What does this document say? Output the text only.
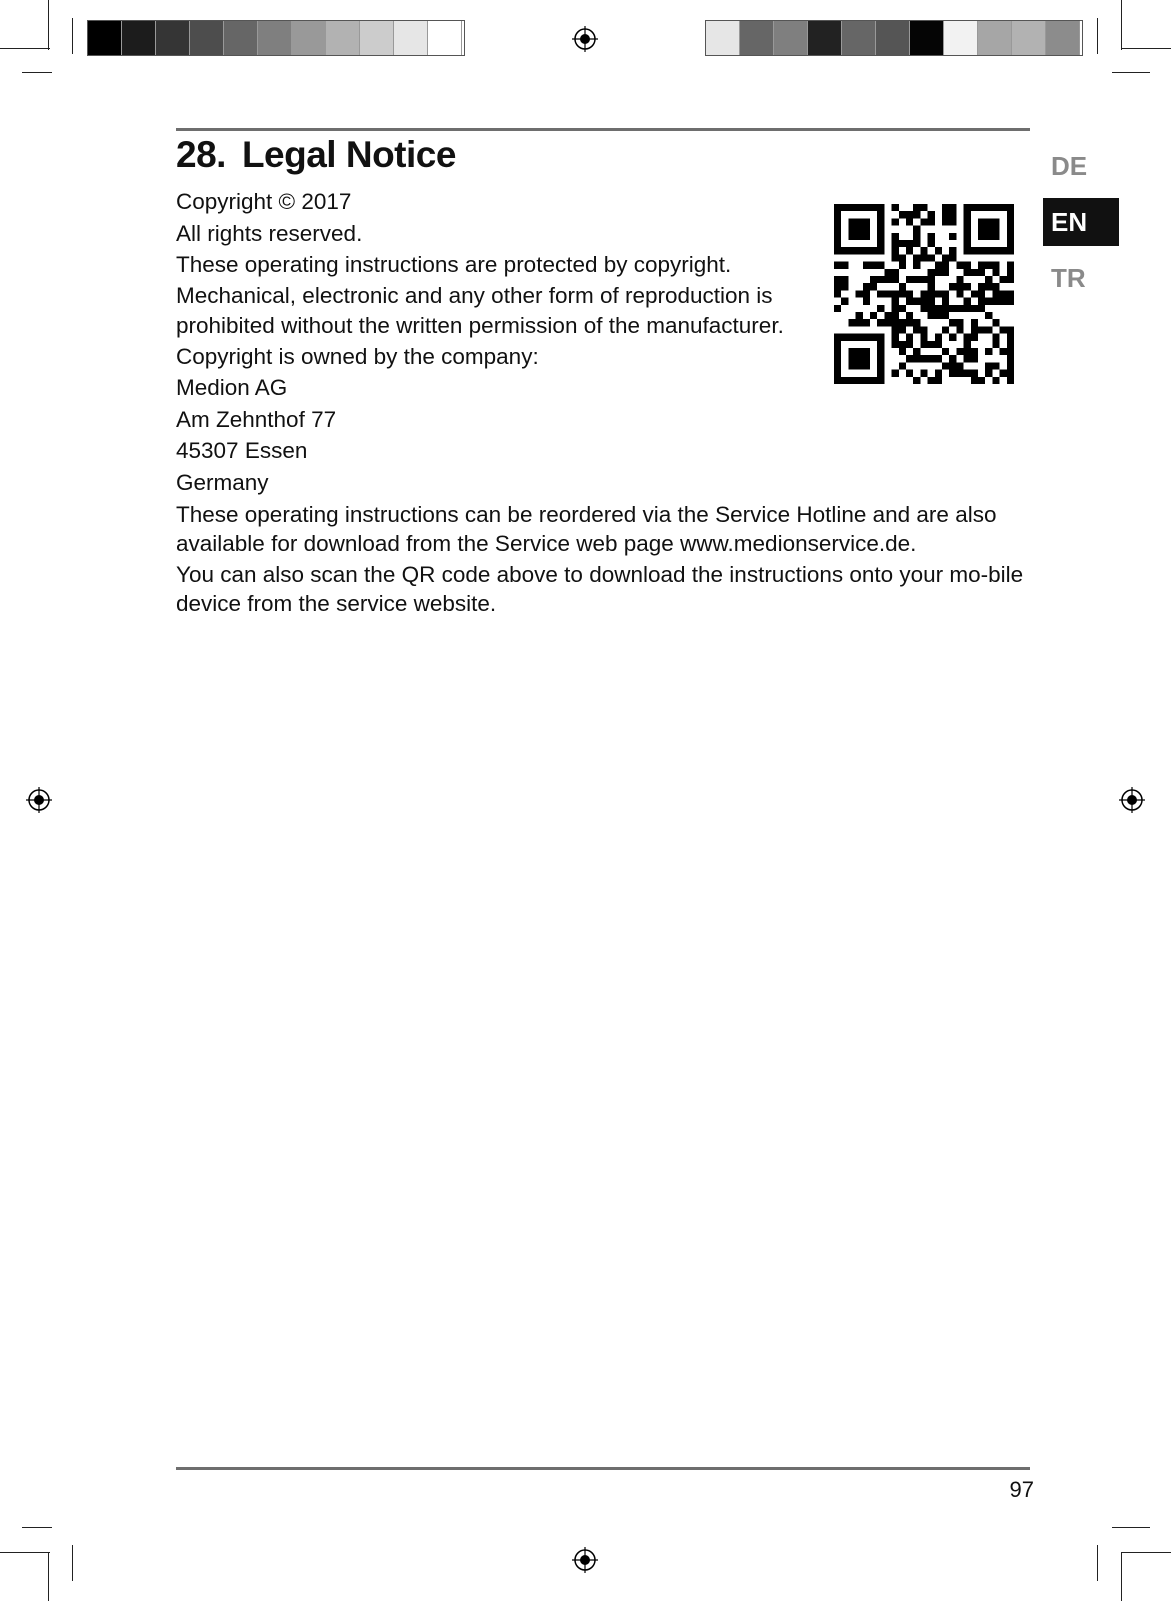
28. Legal Notice

Copyright © 2017

All rights reserved.

These operating instructions are protected by copyright.

Mechanical, electronic and any other form of reproduction is

prohibited without the written permission of the manufacturer.

Copyright is owned by the company:

Medion AG

Am Zehnthof 77

45307 Essen

Germany

These operating instructions can be reordered via the Service Hotline and are also available for download from the Service web page www.medionservice.de.

You can also scan the QR code above to download the instructions onto your mo-bile device from the service website.

DE
EN
TR
97
